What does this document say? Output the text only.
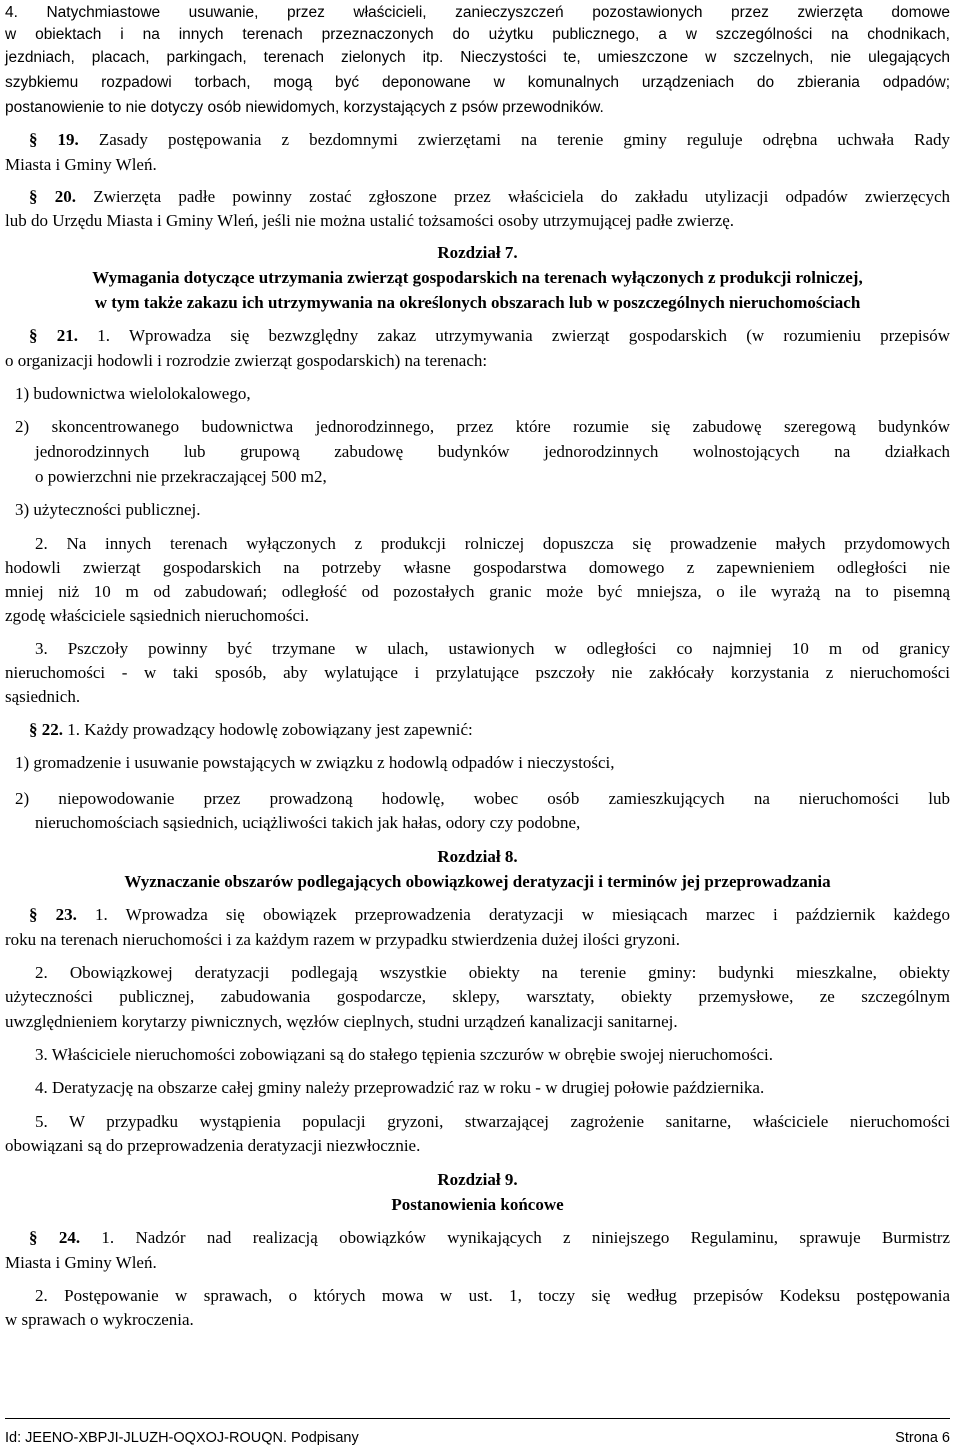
4. Natychmiastowe usuwanie, przez właścicieli, zanieczyszczeń pozostawionych przez zwierzęta domowe
w obiektach i na innych terenach przeznaczonych do użytku publicznego, a w szczególności na chodnikach,
jezdniach, placach, parkingach, terenach zielonych itp. Nieczystości te, umieszczone w szczelnych, nie ulegających
szybkiemu rozpadowi torbach, mogą być deponowane w komunalnych urządzeniach do zbierania odpadów;
postanowienie to nie dotyczy osób niewidomych, korzystających z psów przewodników.
§ 19. Zasady postępowania z bezdomnymi zwierzętami na terenie gminy reguluje odrębna uchwała Rady
Miasta i Gminy Wleń.
§ 20. Zwierzęta padłe powinny zostać zgłoszone przez właściciela do zakładu utylizacji odpadów zwierzęcych
lub do Urzędu Miasta i Gminy Wleń, jeśli nie można ustalić tożsamości osoby utrzymującej padłe zwierzę.
Rozdział 7.
Wymagania dotyczące utrzymania zwierząt gospodarskich na terenach wyłączonych z produkcji rolniczej,
w tym także zakazu ich utrzymywania na określonych obszarach lub w poszczególnych nieruchomościach
§ 21. 1. Wprowadza się bezwzględny zakaz utrzymywania zwierząt gospodarskich (w rozumieniu przepisów
o organizacji hodowli i rozrodzie zwierząt gospodarskich) na terenach:
1) budownictwa wielolokalowego,
2) skoncentrowanego budownictwa jednorodzinnego, przez które rozumie się zabudowę szeregową budynków
jednorodzinnych lub grupową zabudowę budynków jednorodzinnych wolnostojących na działkach
o powierzchni nie przekraczającej 500 m2,
3) użyteczności publicznej.
2. Na innych terenach wyłączonych z produkcji rolniczej dopuszcza się prowadzenie małych przydomowych
hodowli zwierząt gospodarskich na potrzeby własne gospodarstwa domowego z zapewnieniem odległości nie
mniej niż 10 m od zabudowań; odległość od pozostałych granic może być mniejsza, o ile wyrażą na to pisemną
zgodę właściciele sąsiednich nieruchomości.
3. Pszczoły powinny być trzymane w ulach, ustawionych w odległości co najmniej 10 m od granicy
nieruchomości - w taki sposób, aby wylatujące i przylatujące pszczoły nie zakłócały korzystania z nieruchomości
sąsiednich.
§ 22. 1. Każdy prowadzący hodowlę zobowiązany jest zapewnić:
1) gromadzenie i usuwanie powstających w związku z hodowlą odpadów i nieczystości,
2) niepowodowanie przez prowadzoną hodowlę, wobec osób zamieszkujących na nieruchomości lub
nieruchomościach sąsiednich, uciążliwości takich jak hałas, odory czy podobne,
Rozdział 8.
Wyznaczanie obszarów podlegających obowiązkowej deratyzacji i terminów jej przeprowadzania
§ 23. 1. Wprowadza się obowiązek przeprowadzenia deratyzacji w miesiącach marzec i październik każdego
roku na terenach nieruchomości i za każdym razem w przypadku stwierdzenia dużej ilości gryzoni.
2. Obowiązkowej deratyzacji podlegają wszystkie obiekty na terenie gminy: budynki mieszkalne, obiekty
użyteczności publicznej, zabudowania gospodarcze, sklepy, warsztaty, obiekty przemysłowe, ze szczególnym
uwzględnieniem korytarzy piwnicznych, węzłów cieplnych, studni urządzeń kanalizacji sanitarnej.
3. Właściciele nieruchomości zobowiązani są do stałego tępienia szczurów w obrębie swojej nieruchomości.
4. Deratyzację na obszarze całej gminy należy przeprowadzić raz w roku - w drugiej połowie października.
5. W przypadku wystąpienia populacji gryzoni, stwarzającej zagrożenie sanitarne, właściciele nieruchomości
obowiązani są do przeprowadzenia deratyzacji niezwłocznie.
Rozdział 9.
Postanowienia końcowe
§ 24. 1. Nadzór nad realizacją obowiązków wynikających z niniejszego Regulaminu, sprawuje Burmistrz
Miasta i Gminy Wleń.
2. Postępowanie w sprawach, o których mowa w ust. 1, toczy się według przepisów Kodeksu postępowania
w sprawach o wykroczenia.
Id: JEENO-XBPJI-JLUZH-OQXOJ-ROUQN. Podpisany	Strona 6
